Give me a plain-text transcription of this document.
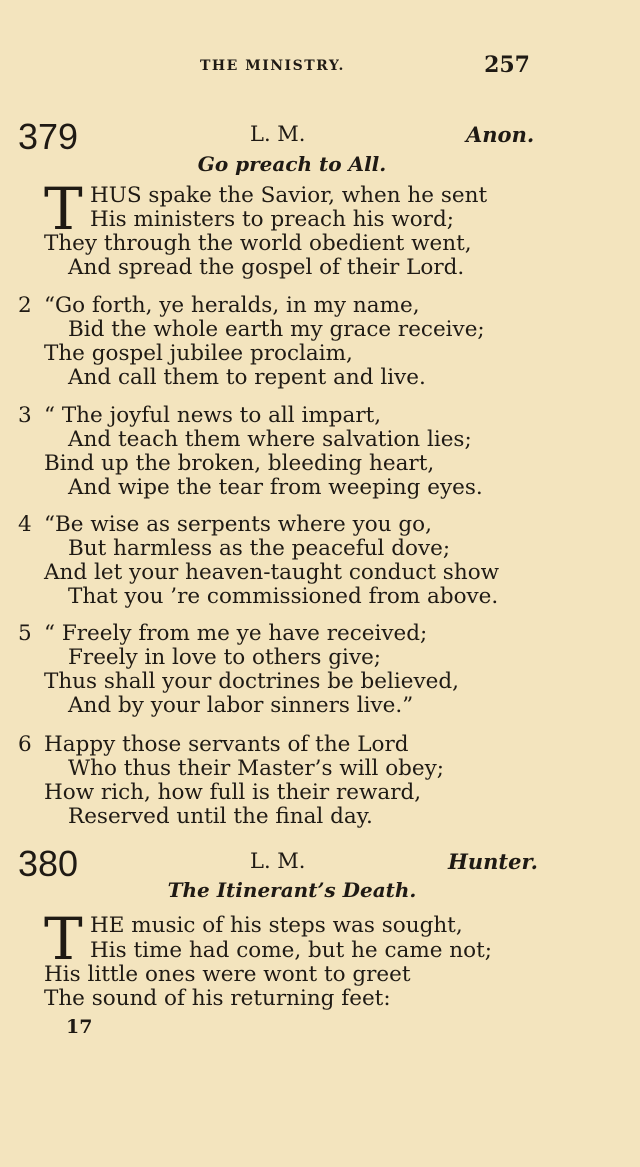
THE MINISTRY.	257
379	L. M.	Anon.
Go preach to All.
T HUS spake the Savior, when he sent
His ministers to preach his word;
They through the world obedient went,
And spread the gospel of their Lord.
2 “Go forth, ye heralds, in my name,
Bid the whole earth my grace receive;
The gospel jubilee proclaim,
And call them to repent and live.
3 “ The joyful news to all impart,
And teach them where salvation lies;
Bind up the broken, bleeding heart,
And wipe the tear from weeping eyes.
4 “Be wise as serpents where you go,
But harmless as the peaceful dove;
And let your heaven-taught conduct show
That you ’re commissioned from above.
5 “ Freely from me ye have received;
Freely in love to others give;
Thus shall your doctrines be believed,
And by your labor sinners live.”
6 Happy those servants of the Lord
Who thus their Master’s will obey;
How rich, how full is their reward,
Reserved until the final day.
380	L. M.	Hunter.
The Itinerant’s Death.
T HE music of his steps was sought,
His time had come, but he came not;
His little ones were wont to greet
The sound of his returning feet:
17
